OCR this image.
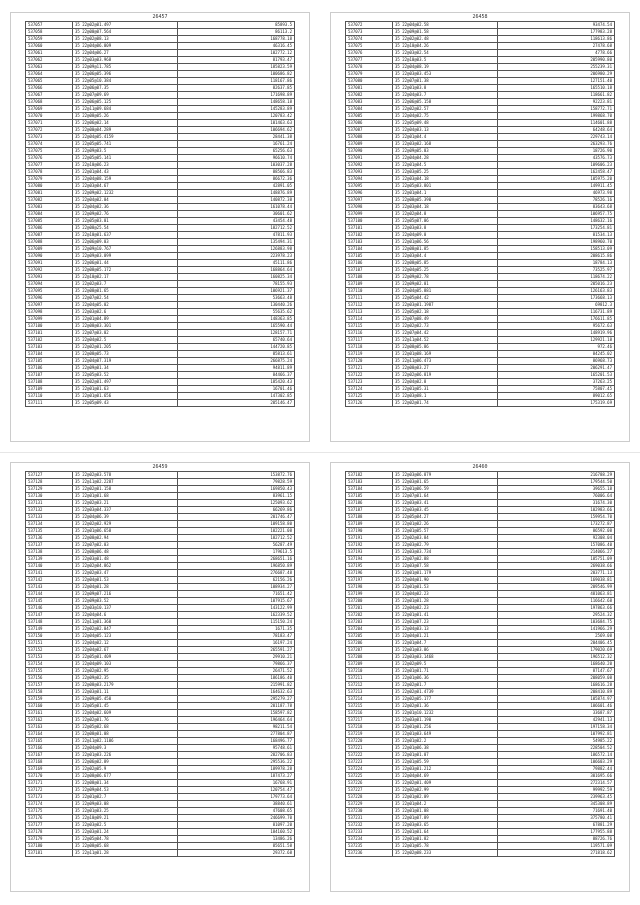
26457
537057	35 22@02@01.497	85893.5
537058	35 22@00@07.564	86113.2
537059	35 22@02@08.13	168778.18
537060	35 22@04@06.009	46316.45
537061	35 22@04@06.27	102772.12
537062	35 22@03@03.968	81793.47
537063	35 22@09@11.785	185823.59
537064	35 22@06@05.396	100686.82
537065	35 22@05@10.384	118167.86
537066	35 22@06@07.35	82637.85
537067	35 22@07@09.69	171698.89
537068	35 22@06@05.125	148658.18
537069	35 22@11@09.684	145283.89
537070	35 22@08@05.26	120783.42
537071	35 22@06@02.14	101463.63
537072	35 22@00@04.289	106694.62
537073	35 22@04@05.4159	28441.38
537074	35 22@05@05.741	16761.24
537075	35 22@09@03.5	65256.63
537076	35 22@05@05.141	96610.74
537077	35 22@10@06.23	103037.28
537078	35 22@01@04.43	88566.83
537079	35 22@04@08.159	86672.36
537080	35 22@03@04.67	42891.05
537081	35 22@09@02.1232	148876.89
537082	35 22@04@02.04	140872.38
537083	35 22@04@02.36	161078.44
537084	35 22@09@02.76	30601.62
537085	35 22@05@03.01	43454.48
537086	35 22@08@25.54	182712.52
537087	35 22@10@01.637	47811.93
537088	35 22@06@09.03	135494.31
537089	35 22@09@10.767	126883.98
537090	35 22@09@03.099	223978.23
537091	35 22@06@01.44	45111.86
537092	35 22@08@05.172	168864.64
537093	35 22@10@02.17	160825.34
537094	35 22@02@03.7	78155.93
537095	35 22@08@01.65	106921.37
537096	35 22@07@02.54	53663.48
537097	35 22@04@05.02	130440.26
537098	35 22@03@02.6	55635.62
537099	35 22@01@04.89	148363.85
537100	35 22@08@03.301	165590.44
537101	35 22@07@03.02	128157.71
537102	35 22@04@02.5	65740.64
537103	35 22@02@01.205	144720.85
537104	35 22@08@05.73	85813.61
537105	35 22@04@07.319	266875.24
537106	35 22@09@01.34	94811.89
537107	35 22@05@03.52	84466.37
537108	35 22@02@01.497	185420.43
537109	35 22@01@01.63	16701.46
537110	35 22@01@01.656	147302.85
537111	35 22@05@09.43	205146.47
26458
537072	35 22@04@02.58	93474.54
537073	35 22@09@01.58	177983.28
537074	35 22@02@02.48	118613.86
537075	35 22@10@04.26	27478.68
537076	35 22@03@02.54	4778.66
537077	35 22@10@03.5	205990.80
537078	35 22@04@08.19	255239.31
537079	35 22@03@03.453	206980.29
537080	35 22@07@01.38	127151.40
537081	35 22@01@03.8	165510.18
537082	35 22@04@03.7	118661.82
537083	35 22@06@05.158	92223.81
537084	35 22@02@02.57	158772.71
537085	35 22@04@02.75	199868.70
537086	35 22@05@09.48	114601.88
537087	35 22@04@03.13	64248.64
537088	35 22@01@04.4	229743.14
537089	35 22@03@02.168	263293.76
537090	35 22@09@05.03	18726.90
537091	35 22@04@04.28	43576.73
537092	35 22@01@04.5	109606.23
537093	35 22@03@05.25	162458.47
537094	35 22@03@04.18	105975.20
537095	35 22@05@03.801	149911.45
537096	35 22@01@04.1	46973.98
537097	35 22@08@05.390	78526.16
537098	35 22@03@04.18	83643.68
537099	35 22@02@04.8	106957.75
537100	35 22@05@07.06	148632.16
537101	35 22@03@03.8	173254.81
537102	35 22@04@09.0	81534.13
537103	35 22@01@06.56	198960.70
537104	35 22@08@01.85	158513.09
537105	35 22@03@04.4	208615.86
537106	35 22@08@05.85	18784.13
537107	35 22@04@05.25	73525.97
537108	35 22@09@02.78	118674.22
537109	35 22@09@02.01	205016.23
537110	35 22@04@05.881	126163.83
537111	35 22@05@04.42	173668.13
537112	35 22@03@01.1987	69812.3
537113	35 22@05@02.18	116731.89
537114	35 22@07@08.49	176611.85
537115	35 22@02@02.73	95672.63
537116	35 22@07@04.42	148919.96
537117	35 22@11@04.52	129921.18
537118	35 22@08@05.86	972.46
537119	35 22@01@08.169	84245.02
537120	35 22@11@06.473	86968.73
537121	35 22@08@03.27	206291.47
537122	35 22@02@06.819	165201.53
537123	35 22@04@02.8	37263.25
537124	35 22@01@05.31	75807.45
537125	35 22@03@08.1	89012.65
537126	35 22@02@01.74	175319.69
26459
537127	35 22@02@03.578	153872.76
537128	35 22@11@02.2287	79828.59
537129	35 22@02@01.158	169850.43
537130	35 22@01@01.68	83961.15
537131	35 22@02@03.21	125093.62
537132	35 22@03@04.337	66269.86
537133	35 22@04@06.39	201746.47
537134	35 22@02@02.929	109158.80
537135	35 22@01@06.658	102221.08
537136	35 22@08@02.94	182712.52
537137	35 22@07@02.03	56287.49
537138	35 22@08@06.48	179613.5
537139	35 22@03@01.48	268651.16
537140	35 22@02@04.862	196850.89
537141	35 22@02@03.47	276687.48
537142	35 22@04@01.53	62156.26
537143	35 22@04@01.28	108934.27
537144	35 22@09@07.216	71651.42
537145	35 22@09@03.52	107915.67
537146	35 22@03@10.137	143122.99
537147	35 22@04@04.6	162339.52
537148	35 22@11@01.360	115150.24
537149	35 22@02@02.047	1671.35
537150	35 22@04@05.123	78183.47
537151	35 22@04@02.12	16197.24
537152	35 22@04@02.67	265591.27
537153	35 22@05@01.409	29910.21
537154	35 22@04@09.103	79866.37
537155	35 22@02@02.95	26471.52
537156	35 22@09@02.35	186186.40
537157	35 22@08@03.2179	215991.82
537158	35 22@03@01.11	164632.63
537159	35 22@09@05.450	295279.27
537160	35 22@05@01.45	201187.78
537161	35 22@04@02.609	158597.82
537162	35 22@02@01.76	196464.64
537163	35 22@05@02.68	98211.54
537164	35 22@08@01.08	277804.87
537165	35 22@11@02.1106	168496.77
537166	35 22@04@09.3	95748.61
537167	35 22@01@03.226	282706.83
537168	35 22@06@02.89	295536.22
537169	35 22@02@05.9	189978.28
537170	35 22@08@06.677	187473.27
537171	35 22@08@01.34	16768.91
537172	35 22@09@04.53	120754.47
537173	35 22@01@02.7	179773.64
537174	35 22@09@03.08	38840.61
537175	35 22@01@03.25	47608.65
537176	35 22@10@09.21	246699.70
537177	35 22@03@02.5	81097.20
537178	35 22@03@01.24	184160.52
537179	35 22@05@04.78	13486.26
537180	35 22@08@05.68	85651.58
537181	35 22@11@01.28	29372.68
26460
537182	35 22@03@06.879	216788.29
537183	35 22@03@01.65	179544.50
537184	35 22@01@06.59	39655.18
537185	35 22@07@01.64	76006.64
537186	35 22@03@03.41	31674.30
537187	35 22@03@03.45	102983.66
537188	35 22@05@04.27	159954.70
537189	35 22@01@02.26	173272.87
537190	35 22@01@05.57	86592.08
537191	35 22@02@03.84	92308.04
537192	35 22@03@02.79	157086.40
537193	35 22@03@03.734	214066.27
537194	35 22@07@02.88	185751.09
537195	35 22@03@07.58	269038.66
537196	35 22@01@01.179	203771.13
537197	35 22@04@01.90	169038.81
537198	35 22@01@01.53	209546.99
537199	35 22@04@02.23	481063.81
537200	35 22@01@01.28	116642.68
537201	35 22@04@02.23	197863.66
537202	35 22@01@01.41	29524.32
537203	35 22@01@07.23	103684.75
537204	35 22@04@03.13	141966.29
537205	35 22@04@01.21	2569.08
537206	35 22@01@04.7	204406.45
537207	35 22@01@03.86	179020.69
537208	35 22@03@03.1468	196512.32
537209	35 22@02@09.5	168640.20
537210	35 22@01@01.71	87147.67
537211	35 22@01@06.36	208059.08
537212	35 22@02@01.7	168616.28
537213	35 22@02@01.4739	208410.89
537214	35 22@02@05.177	105874.97
537215	35 22@02@01.36	106601.46
537216	35 22@01@10.1232	33687.87
537217	35 22@03@01.190	42941.13
537218	35 22@01@01.256	197158.34
537219	35 22@01@03.649	107992.81
537220	35 22@01@02.2	54985.22
537221	35 22@01@06.38	228504.52
537222	35 22@01@01.07	186572.14
537223	35 22@01@05.59	106603.29
537224	35 22@03@01.212	79882.44
537225	35 22@04@04.69	301695.66
537226	35 22@02@01.409	272314.57
537227	35 22@02@02.99	99992.59
537228	35 22@01@02.09	239963.45
537229	35 22@01@04.2	345308.89
537230	35 22@01@01.08	71691.40
537231	35 22@01@07.89	375780.41
537232	35 22@03@03.65	67881.29
537233	35 22@01@01.64	177955.88
537234	35 22@01@01.82	88726.76
537235	35 22@01@05.78	119571.09
537236	35 22@02@08.233	271818.62
